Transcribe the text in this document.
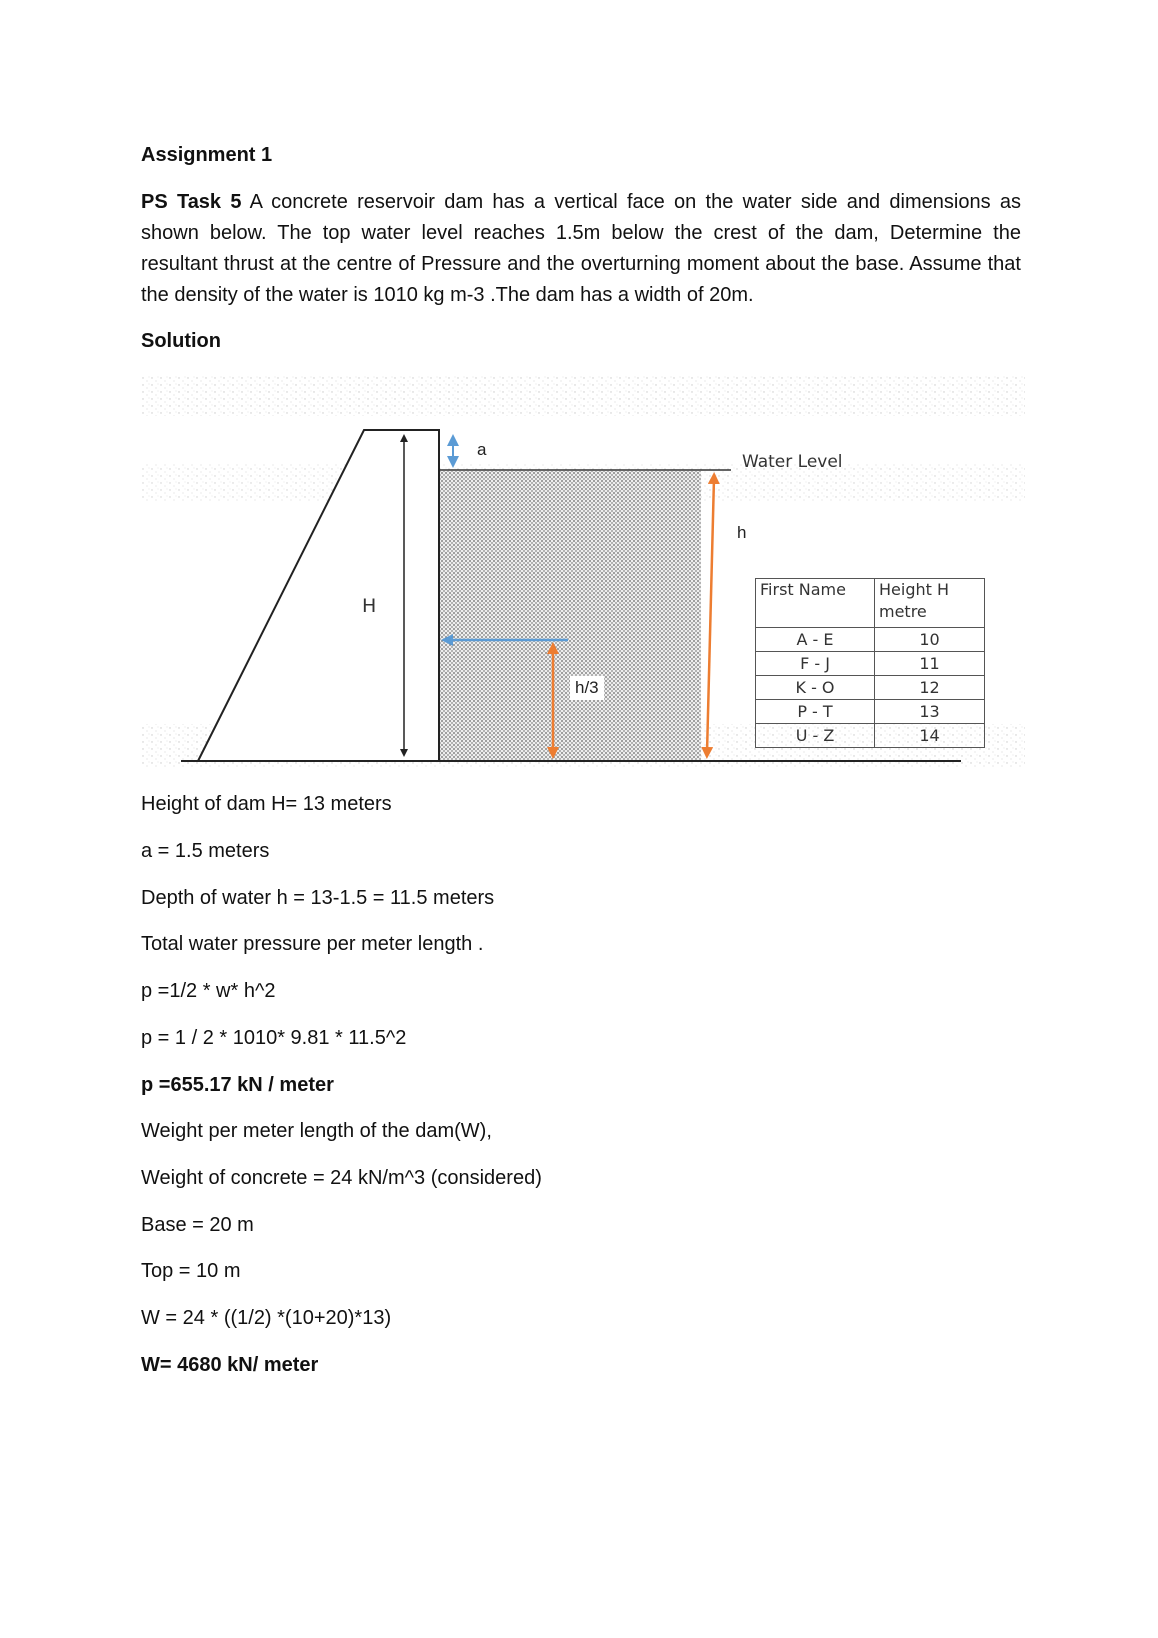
Assignment 1

PS Task 5 A concrete reservoir dam has a vertical face on the water side and dimensions as shown below. The top water level reaches 1.5m below the crest of the dam, Determine the resultant thrust at the centre of Pressure and the overturning moment about the base. Assume that the density of the water is 1010 kg m-3 .The dam has a width of 20m.

Solution

a
Water Level
h
H
h/3
First Name	Height H metre
A - E	10
F - J	11
K - O	12
P - T	13
U - Z	14

Height of dam H= 13 meters

a = 1.5 meters

Depth of water h = 13-1.5 = 11.5 meters

Total water pressure per meter length .

p =1/2 * w* h^2

p = 1 / 2 * 1010* 9.81 * 11.5^2

p =655.17 kN / meter

Weight per meter length of the dam(W),

Weight of concrete = 24 kN/m^3 (considered)

Base = 20 m

Top = 10 m

W = 24 * ((1/2) *(10+20)*13)

W= 4680 kN/ meter
